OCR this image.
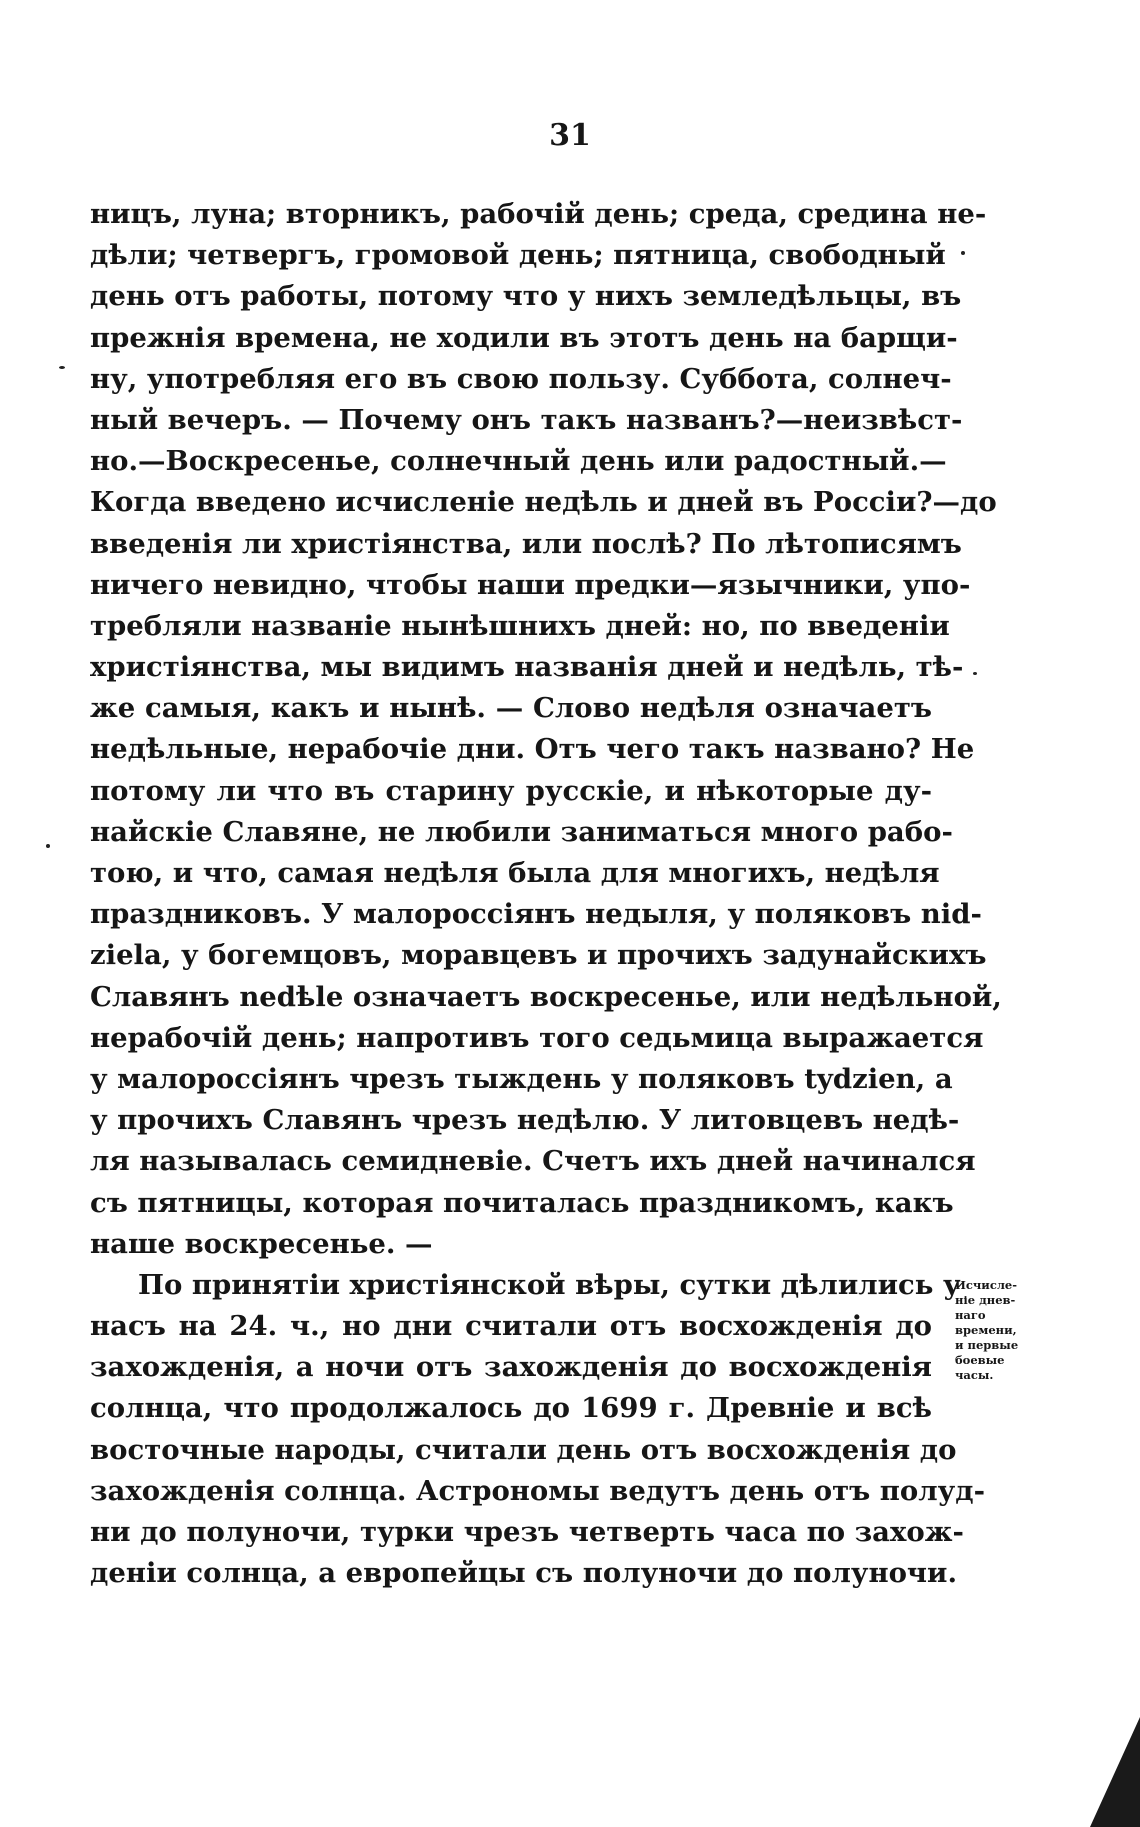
31
ницъ, луна; вторникъ, рабочій день; среда, средина не-
дѣли; четвергъ, громовой день; пятница, свободный
день отъ работы, потому что у нихъ земледѣльцы, въ
прежнія времена, не ходили въ этотъ день на барщи-
ну, употребляя его въ свою пользу. Суббота, солнеч-
ный вечеръ. — Почему онъ такъ названъ?—неизвѣст-
но.—Воскресенье, солнечный день или радостный.—
Когда введено исчисленіе недѣль и дней въ Россіи?—до
введенія ли христіянства, или послѣ? По лѣтописямъ
ничего невидно, чтобы наши предки—язычники, упо-
требляли названіе нынѣшнихъ дней: но, по введеніи
христіянства, мы видимъ названія дней и недѣль, тѣ-
же самыя, какъ и нынѣ. — Слово недѣля означаетъ
недѣльные, нерабочіе дни. Отъ чего такъ названо? Не
потому ли что въ старину русскіе, и нѣкоторые ду-
найскіе Славяне, не любили заниматься много рабо-
тою, и что, самая недѣля была для многихъ, недѣля
праздниковъ. У малороссіянъ недыля, у поляковъ nid-
ziela, у богемцовъ, моравцевъ и прочихъ задунайскихъ
Славянъ nedѣle означаетъ воскресенье, или недѣльной,
нерабочій день; напротивъ того седьмица выражается
у малороссіянъ чрезъ тыждень у поляковъ tydzien, а
у прочихъ Славянъ чрезъ недѣлю. У литовцевъ недѣ-
ля называлась семидневіе. Счетъ ихъ дней начинался
съ пятницы, которая почиталась праздникомъ, какъ
наше воскресенье. —
По принятіи христіянской вѣры, сутки дѣлились у
насъ на 24. ч., но дни считали отъ восхожденія до
захожденія, а ночи отъ захожденія до восхожденія
солнца, что продолжалось до 1699 г. Древніе и всѣ
восточные народы, считали день отъ восхожденія до
захожденія солнца. Астрономы ведутъ день отъ полуд-
ни до полуночи, турки чрезъ четверть часа по захож-
деніи солнца, а европейцы съ полуночи до полуночи.
Исчисле-
ніе днев-
наго
времени,
и первые
боевые
часы.
